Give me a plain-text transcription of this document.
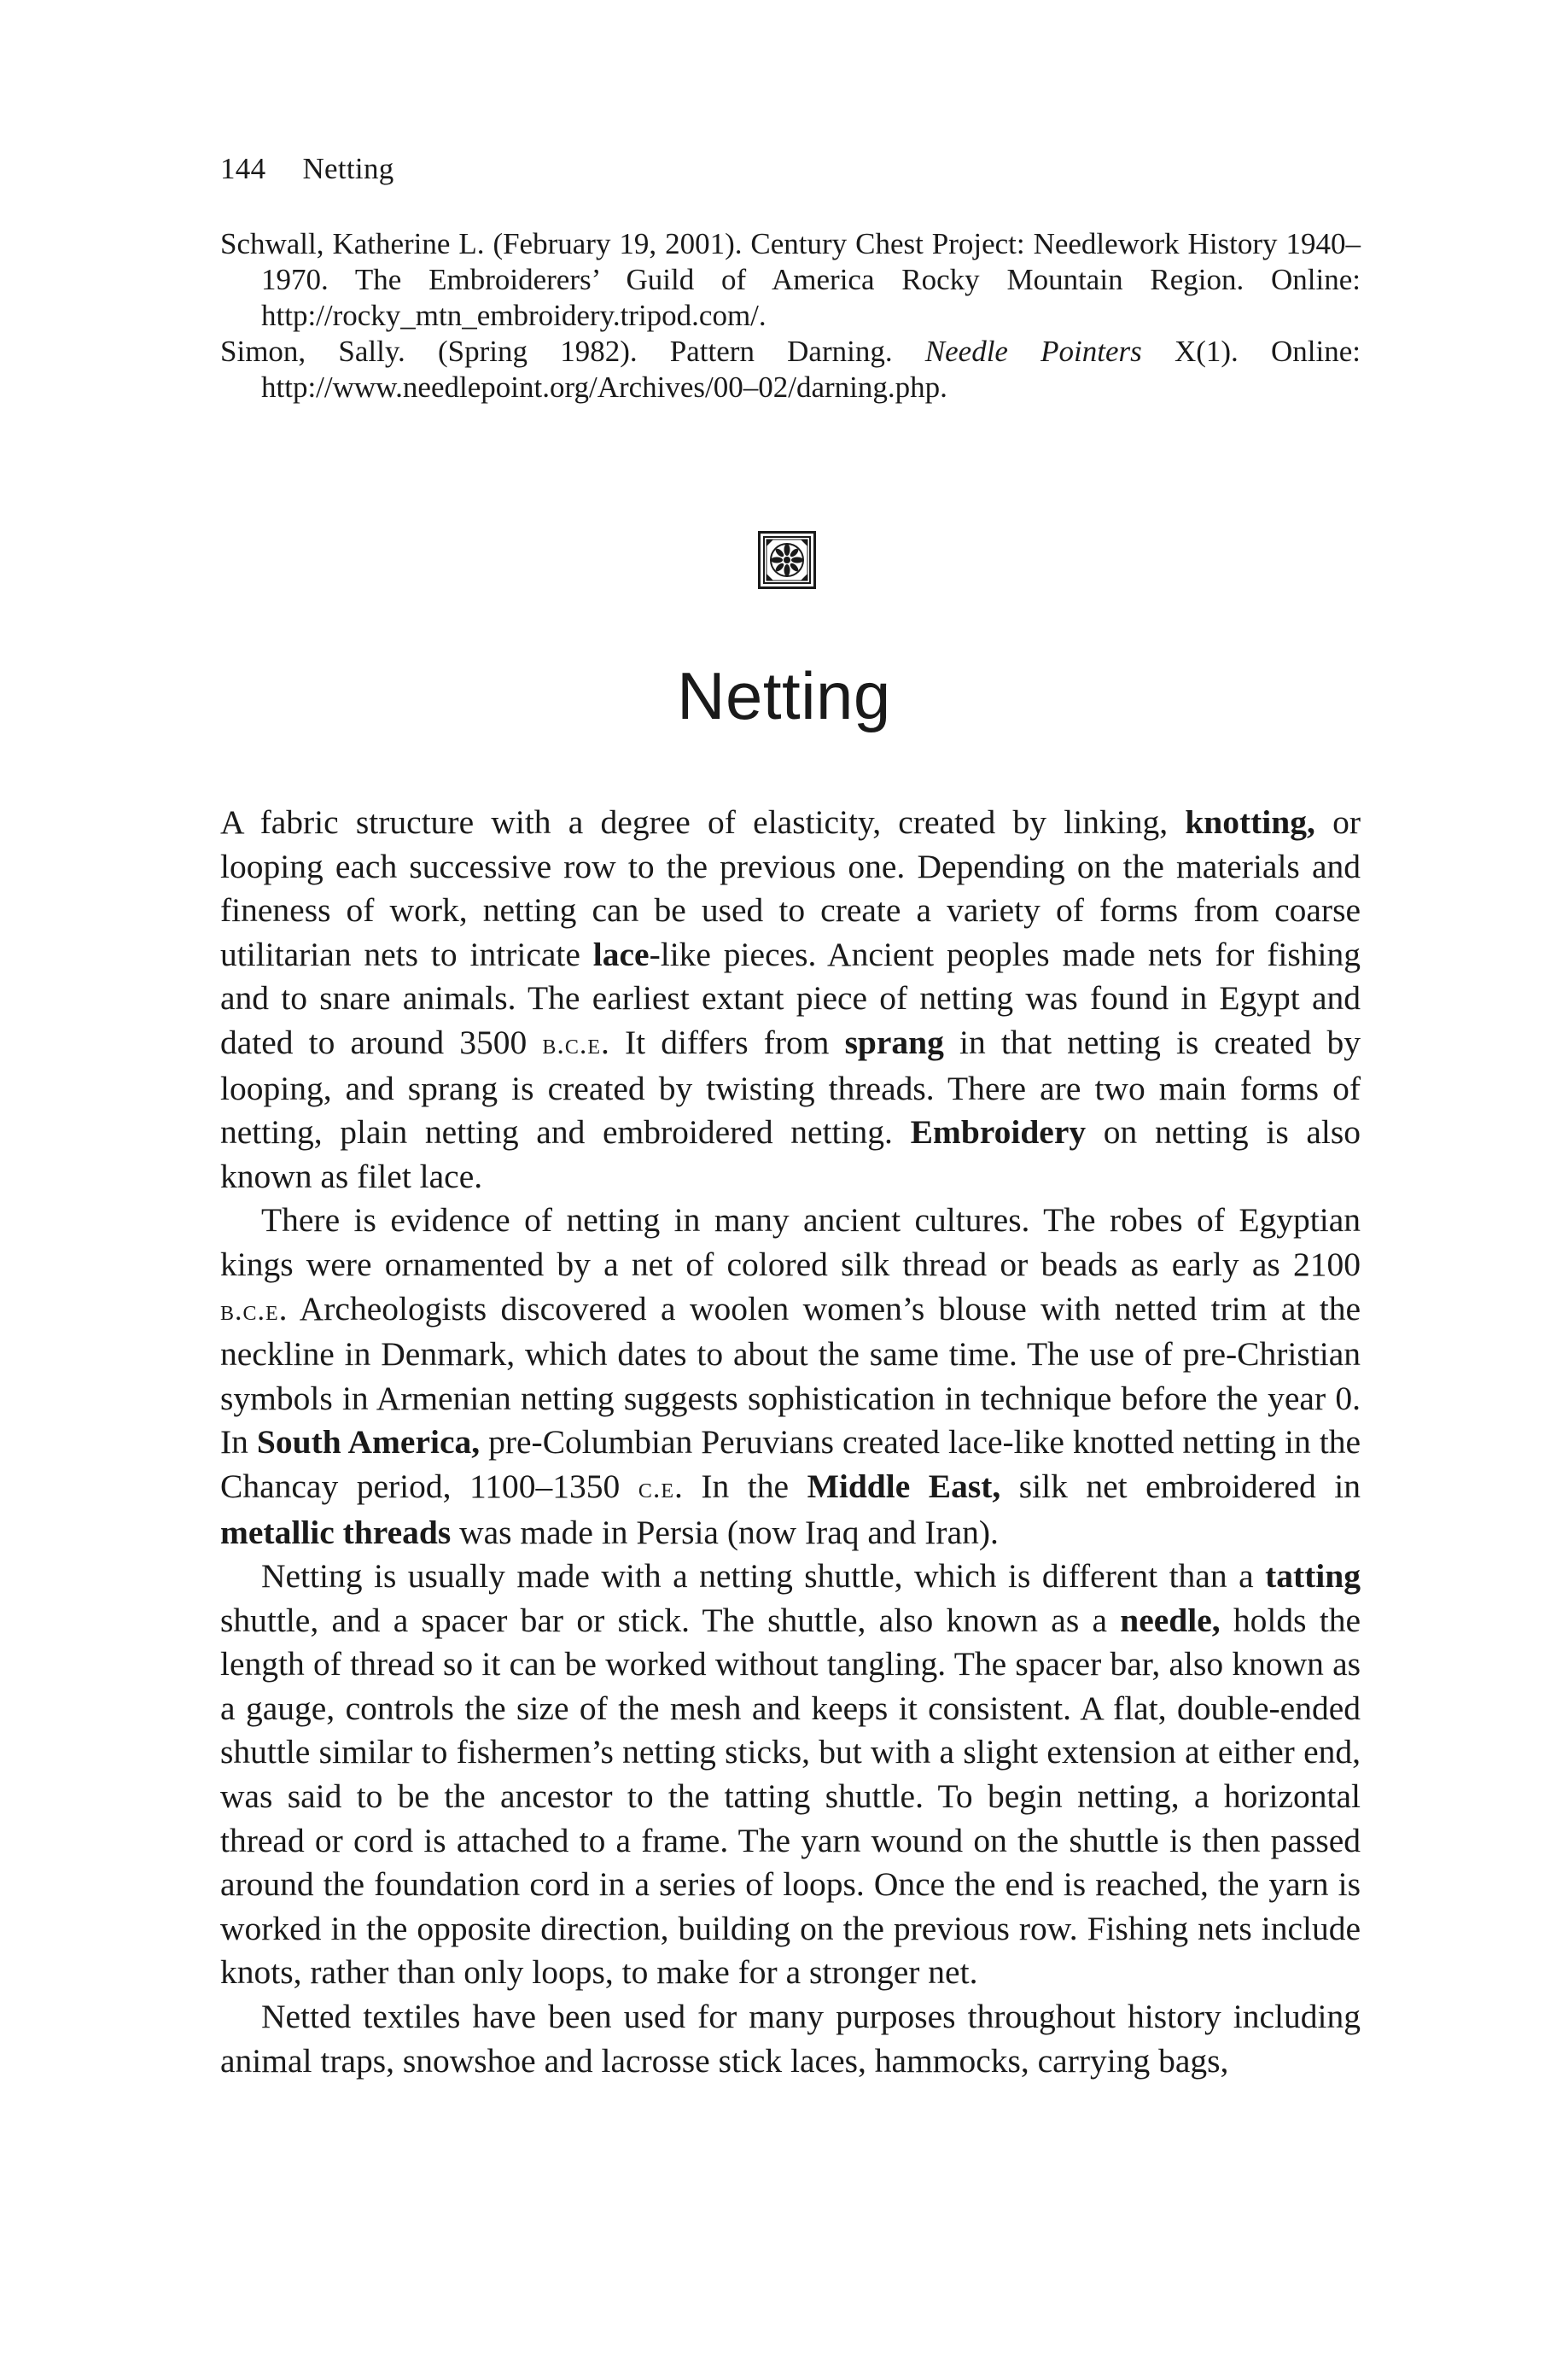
144 Netting

Schwall, Katherine L. (February 19, 2001). Century Chest Project: Needlework History 1940–1970. The Embroiderers’ Guild of America Rocky Mountain Region. Online: http://rocky_mtn_embroidery.tripod.com/.

Simon, Sally. (Spring 1982). Pattern Darning. Needle Pointers X(1). Online: http://www.needlepoint.org/Archives/00–02/darning.php.

Netting

A fabric structure with a degree of elasticity, created by linking, knotting, or looping each successive row to the previous one. Depending on the materials and fineness of work, netting can be used to create a variety of forms from coarse utilitarian nets to intricate lace-like pieces. Ancient peoples made nets for fishing and to snare animals. The earliest extant piece of netting was found in Egypt and dated to around 3500 b.c.e. It differs from sprang in that netting is created by looping, and sprang is created by twisting threads. There are two main forms of netting, plain netting and embroidered netting. Embroidery on netting is also known as filet lace.

There is evidence of netting in many ancient cultures. The robes of Egyptian kings were ornamented by a net of colored silk thread or beads as early as 2100 b.c.e. Archeologists discovered a woolen women’s blouse with netted trim at the neckline in Denmark, which dates to about the same time. The use of pre-Christian symbols in Armenian netting suggests sophistication in technique before the year 0. In South America, pre-Columbian Peruvians created lace-like knotted netting in the Chancay period, 1100–1350 c.e. In the Middle East, silk net embroidered in metallic threads was made in Persia (now Iraq and Iran).

Netting is usually made with a netting shuttle, which is different than a tatting shuttle, and a spacer bar or stick. The shuttle, also known as a needle, holds the length of thread so it can be worked without tangling. The spacer bar, also known as a gauge, controls the size of the mesh and keeps it consistent. A flat, double-ended shuttle similar to fishermen’s netting sticks, but with a slight extension at either end, was said to be the ancestor to the tatting shuttle. To begin netting, a horizontal thread or cord is attached to a frame. The yarn wound on the shuttle is then passed around the foundation cord in a series of loops. Once the end is reached, the yarn is worked in the opposite direction, building on the previous row. Fishing nets include knots, rather than only loops, to make for a stronger net.

Netted textiles have been used for many purposes throughout history including animal traps, snowshoe and lacrosse stick laces, hammocks, carrying bags,
